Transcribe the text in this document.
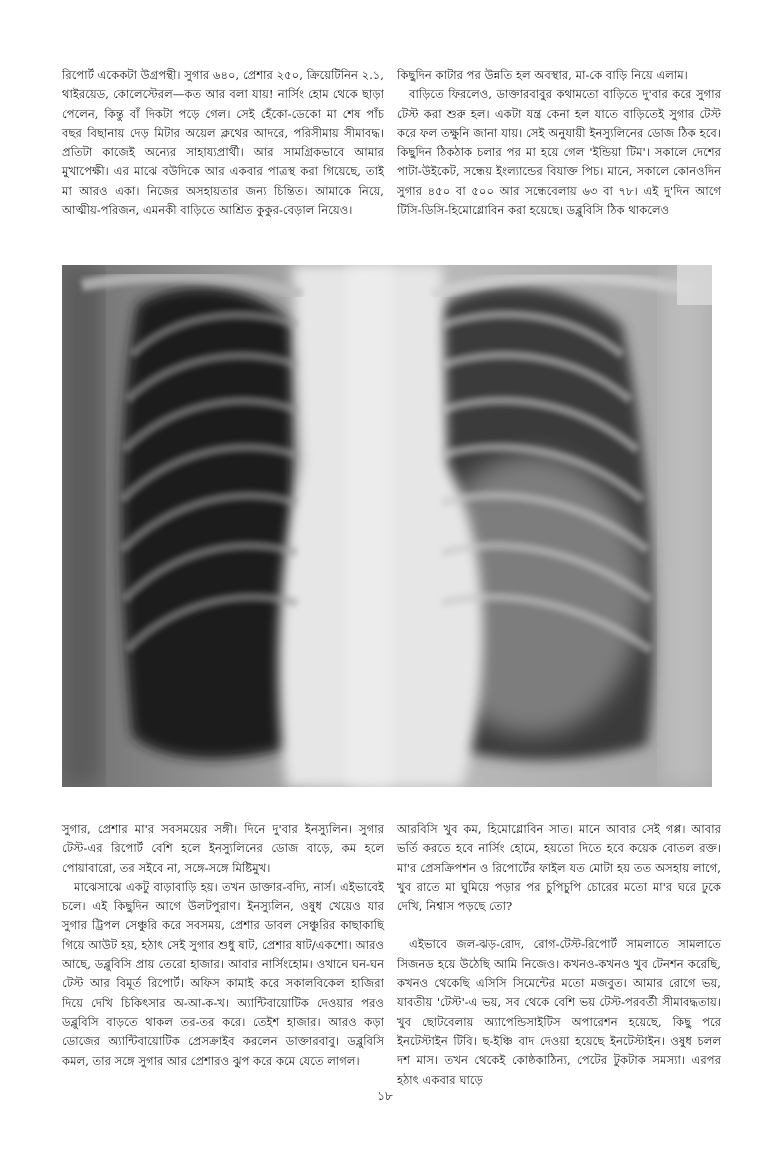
রিপোর্ট একেকটা উগ্রপন্থী। সুগার ৬৪০, প্রেশার ২৫০, ক্রিয়েটিনিন ২.১, থাইরয়েড, কোলেস্টেরল—কত আর বলা যায়! নার্সিং হোম থেকে ছাড়া পেলেন, কিন্তু বাঁ দিকটা পড়ে গেল। সেই হেঁকো-ডেকো মা শেষ পাঁচ বছর বিছানায় দেড় মিটার অয়েল ক্লথের আদরে, পরিসীমায় সীমাবদ্ধ। প্রতিটা কাজেই অন্যের সাহায্যপ্রার্থী। আর সামগ্রিকভাবে আমার মুখাপেক্ষী। এর মাঝে বউদিকে আর একবার পাত্রস্থ করা গিয়েছে, তাই মা আরও একা। নিজের অসহায়তার জন্য চিন্তিত। আমাকে নিয়ে, আত্মীয়-পরিজন, এমনকী বাড়িতে আশ্রিত কুকুর-বেড়াল নিয়েও।

কিছুদিন কাটার পর উন্নতি হল অবস্থার, মা-কে বাড়ি নিয়ে এলাম।

বাড়িতে ফিরলেও, ডাক্তারবাবুর কথামতো বাড়িতে দু'বার করে সুগার টেস্ট করা শুরু হল। একটা যন্ত্র কেনা হল যাতে বাড়িতেই সুগার টেস্ট করে ফল তক্ষুনি জানা যায়। সেই অনুযায়ী ইনস্যুলিনের ডোজ ঠিক হবে। কিছুদিন ঠিকঠাক চলার পর মা হয়ে গেল 'ইন্ডিয়া টিম'। সকালে দেশের পাটা-উইকেট, সন্ধেয় ইংল্যান্ডের বিযাক্ত পিচ। মানে, সকালে কোনওদিন সুগার ৪৫০ বা ৫০০ আর সন্ধেবেলায় ৬৩ বা ৭৮। এই দু'দিন আগে টিসি-ডিসি-হিমোগ্লোবিন করা হয়েছে। ডব্লুবিসি ঠিক থাকলেও

সুগার, প্রেশার মা'র সবসময়ের সঙ্গী। দিনে দু'বার ইনস্যুলিন। সুগার টেস্ট-এর রিপোর্ট বেশি হলে ইনস্যুলিনের ডোজ বাড়ে, কম হলে পোয়াবারো, তর সইবে না, সঙ্গে-সঙ্গে মিষ্টিমুখ।

মাঝেসাঝে একটু বাড়াবাড়ি হয়। তখন ডাক্তার-বদ্যি, নার্স। এইভাবেই চলে। এই কিছুদিন আগে উলটপুরাণ। ইনস্যুলিন, ওষুধ খেয়েও যার সুগার ট্রিপল সেঞ্চুরি করে সবসময়, প্রেশার ডাবল সেঞ্চুরির কাছাকাছি গিয়ে আউট হয়, হঠাৎ সেই সুগার শুধু ষাট, প্রেশার ষাট/একশো। আরও আছে, ডব্লুবিসি প্রায় তেরো হাজার। আবার নার্সিংহোম। ওখানে ঘন-ঘন টেস্ট আর বিমূর্ত রিপোর্ট। অফিস কামাই করে সকালবিকেল হাজিরা দিয়ে দেখি চিকিৎসার অ-আ-ক-খ। অ্যান্টিবায়োটিক দেওয়ার পরও ডব্লুবিসি বাড়তে থাকল তর-তর করে। তেইশ হাজার। আরও কড়া ডোজের অ্যান্টিবায়োটিক প্রেসক্রাইব করলেন ডাক্তারবাবু। ডব্লুবিসি কমল, তার সঙ্গে সুগার আর প্রেশারও ঝুপ করে কমে যেতে লাগল।

আরবিসি খুব কম, হিমোগ্লোবিন সাত। মানে আবার সেই গপ্প। আবার ভর্তি করতে হবে নার্সিং হোমে, হয়তো দিতে হবে কয়েক বোতল রক্ত। মা'র প্রেসক্রিপশন ও রিপোর্টের ফাইল যত মোটা হয় তত অসহায় লাগে, খুব রাতে মা ঘুমিয়ে পড়ার পর চুপিচুপি চোরের মতো মা'র ঘরে ঢুকে দেখি, নিশ্বাস পড়ছে তো?

এইভাবে জল-ঝড়-রোদ, রোগ-টেস্ট-রিপোর্ট সামলাতে সামলাতে সিজনড হয়ে উঠেছি আমি নিজেও। কখনও-কখনও খুব টেনশন করেছি, কখনও থেকেছি এসিসি সিমেন্টের মতো মজবুত। আমার রোগে ভয়, যাবতীয় 'টেস্ট'-এ ভয়, সব থেকে বেশি ভয় টেস্ট-পরবর্তী সীমাবদ্ধতায়। খুব ছোটবেলায় অ্যাপেন্ডিসাইটিস অপারেশন হয়েছে, কিছু পরে ইনটেস্টাইন টিবি। ছ-ইঞ্চি বাদ দেওয়া হয়েছে ইনটেস্টাইন। ওষুধ চলল দশ মাস। তখন থেকেই কোষ্ঠকাঠিন্য, পেটের টুকটাক সমস্যা। এরপর হঠাৎ একবার ঘাড়ে

১৮
